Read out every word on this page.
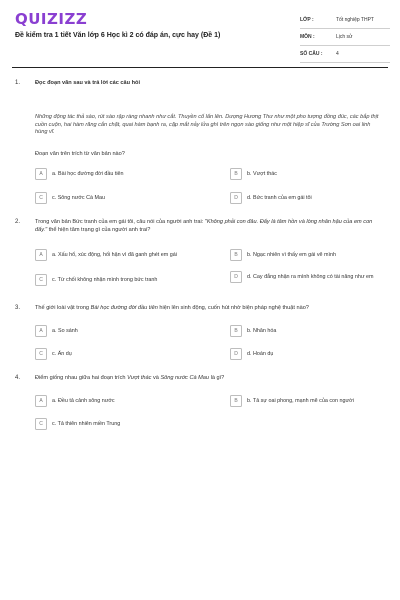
QUIZIZZ
Đề kiểm tra 1 tiết Văn lớp 6 Học kì 2 có đáp án, cực hay (Đề 1)
LỚP :	Tốt nghiệp THPT
MÔN :	Lịch sử
SỐ CÂU :	4
1.	Đọc đoạn văn sau và trả lời các câu hỏi
Những động tác thả sào, rút sào rập ràng nhanh như cắt. Thuyền cố lấn lên. Dượng Hương Thư như một pho tượng đồng đúc, các bắp thịt cuồn cuộn, hai hàm răng cắn chặt, quai hàm bạnh ra, cặp mắt nảy lửa ghì trên ngọn sào giống như một hiệp sĩ của Trường Sơn oai linh hùng vĩ.
Đoạn văn trên trích từ văn bản nào?
A	a. Bài học đường đời đầu tiên	B	b. Vượt thác
C	c. Sông nước Cà Mau	D	d. Bức tranh của em gái tôi
2.	Trong văn bản Bức tranh của em gái tôi, câu nói của người anh trai: "Không phải con đâu. Đấy là tâm hồn và lòng nhân hậu của em con đấy." thể hiện tâm trạng gì của người anh trai?
A	a. Xấu hổ, xúc động, hối hận vì đã ganh ghét em gái	B	b. Ngạc nhiên vì thấy em gái vẽ mình
C	c. Từ chối không nhận mình trong bức tranh	D	d. Cay đắng nhận ra mình không có tài năng như em
3.	Thế giới loài vật trong Bài học đường đời đầu tiên hiện lên sinh động, cuốn hút nhờ biện pháp nghệ thuật nào?
A	a. So sánh	B	b. Nhân hóa
C	c. Ẩn dụ	D	d. Hoán dụ
4.	Điểm giống nhau giữa hai đoạn trích Vượt thác và Sông nước Cà Mau là gì?
A	a. Đều tả cảnh sông nước	B	b. Tả sự oai phong, mạnh mẽ của con người
C	c. Tả thiên nhiên miền Trung
